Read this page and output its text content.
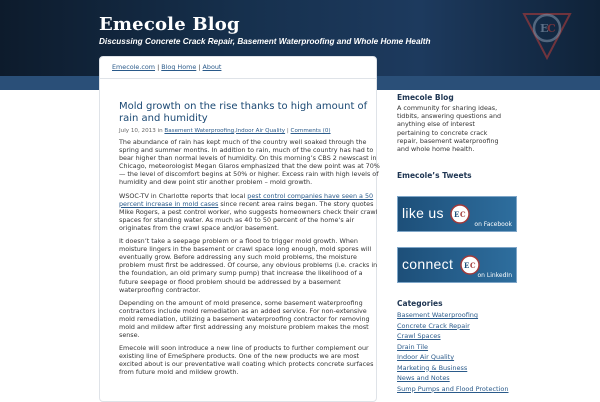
Emecole Blog
Discussing Concrete Crack Repair, Basement Waterproofing and Whole Home Health
E
C
Emecole.com | Blog Home | About
Mold growth on the rise thanks to high amount of rain and humidity
July 10, 2013 in Basement Waterproofing,Indoor Air Quality | Comments (0)

The abundance of rain has kept much of the country well soaked through the spring and summer months. In addition to rain, much of the country has had to bear higher than normal levels of humidity. On this morning’s CBS 2 newscast in Chicago, meteorologist Megan Glaros emphasized that the dew point was at 70% — the level of discomfort begins at 50% or higher. Excess rain with high levels of humidity and dew point stir another problem – mold growth.

WSOC-TV in Charlotte reports that local pest control companies have seen a 50 percent increase in mold cases since recent area rains began. The story quotes Mike Rogers, a pest control worker, who suggests homeowners check their crawl spaces for standing water. As much as 40 to 50 percent of the home’s air originates from the crawl space and/or basement.

It doesn’t take a seepage problem or a flood to trigger mold growth. When moisture lingers in the basement or crawl space long enough, mold spores will eventually grow. Before addressing any such mold problems, the moisture problem must first be addressed. Of course, any obvious problems (i.e. cracks in the foundation, an old primary sump pump) that increase the likelihood of a future seepage or flood problem should be addressed by a basement waterproofing contractor.

Depending on the amount of mold presence, some basement waterproofing contractors include mold remediation as an added service. For non-extensive mold remediation, utilizing a basement waterproofing contractor for removing mold and mildew after first addressing any moisture problem makes the most sense.

Emecole will soon introduce a new line of products to further complement our existing line of EmeSphere products. One of the new products we are most excited about is our preventative wall coating which protects concrete surfaces from future mold and mildew growth.

Emecole Blog
A community for sharing ideas, tidbits, answering questions and anything else of interest pertaining to concrete crack repair, basement waterproofing and whole home health.
Emecole’s Tweets
like us E C
on Facebook
connect E C
on LinkedIn
Categories
Basement Waterproofing
Concrete Crack Repair
Crawl Spaces
Drain Tile
Indoor Air Quality
Marketing & Business
News and Notes
Sump Pumps and Flood Protection
